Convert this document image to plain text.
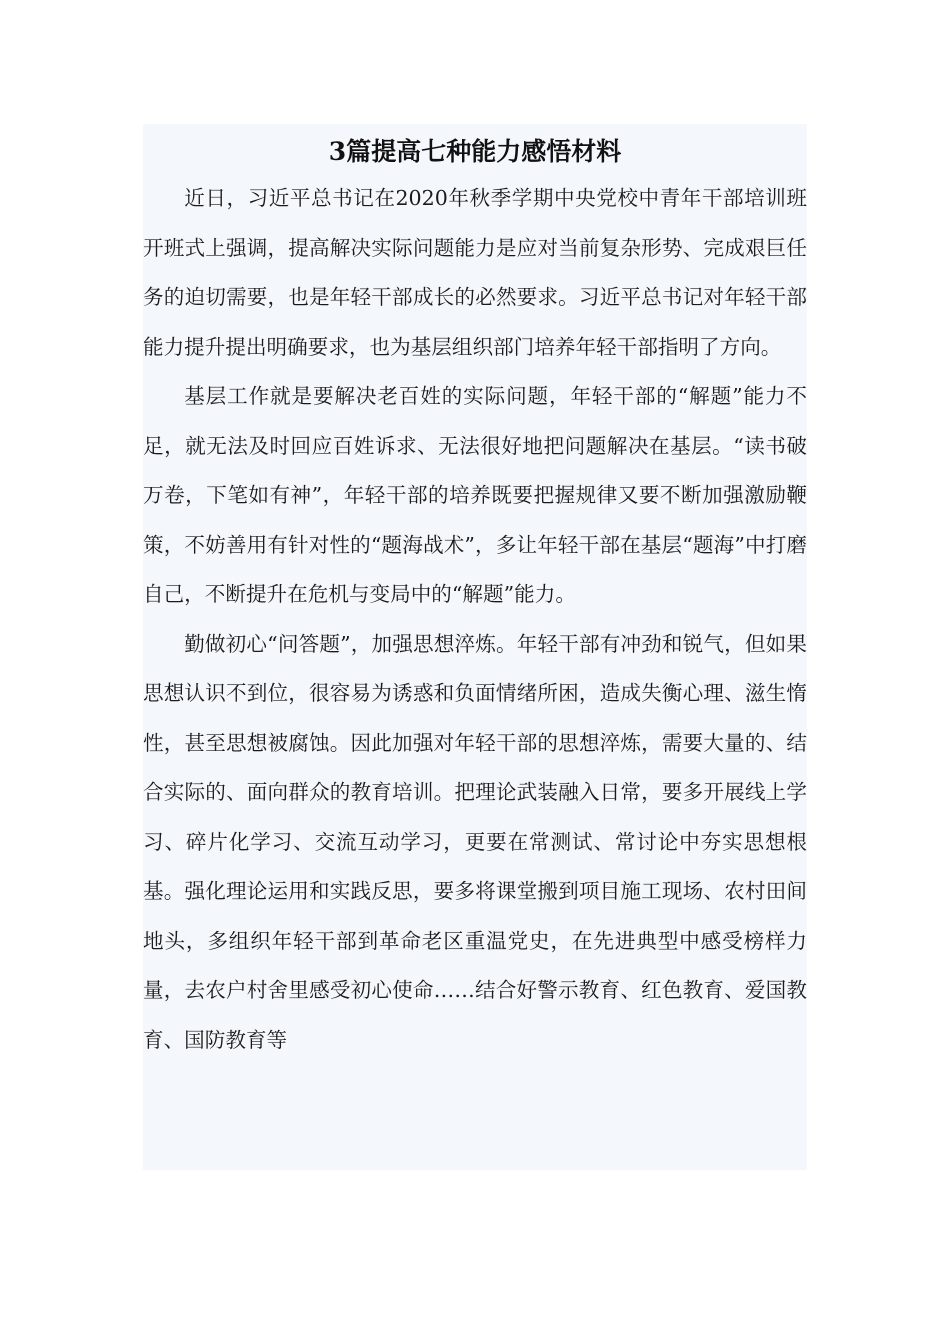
3篇提高七种能力感悟材料

近日，习近平总书记在2020年秋季学期中央党校中青年干部培训班开班式上强调，提高解决实际问题能力是应对当前复杂形势、完成艰巨任务的迫切需要，也是年轻干部成长的必然要求。习近平总书记对年轻干部能力提升提出明确要求，也为基层组织部门培养年轻干部指明了方向。

基层工作就是要解决老百姓的实际问题，年轻干部的“解题”能力不足，就无法及时回应百姓诉求、无法很好地把问题解决在基层。“读书破万卷，下笔如有神”，年轻干部的培养既要把握规律又要不断加强激励鞭策，不妨善用有针对性的“题海战术”，多让年轻干部在基层“题海”中打磨自己，不断提升在危机与变局中的“解题”能力。

勤做初心“问答题”，加强思想淬炼。年轻干部有冲劲和锐气，但如果思想认识不到位，很容易为诱惑和负面情绪所困，造成失衡心理、滋生惰性，甚至思想被腐蚀。因此加强对年轻干部的思想淬炼，需要大量的、结合实际的、面向群众的教育培训。把理论武装融入日常，要多开展线上学习、碎片化学习、交流互动学习，更要在常测试、常讨论中夯实思想根基。强化理论运用和实践反思，要多将课堂搬到项目施工现场、农村田间地头，多组织年轻干部到革命老区重温党史，在先进典型中感受榜样力量，去农户村舍里感受初心使命……结合好警示教育、红色教育、爱国教育、国防教育等
